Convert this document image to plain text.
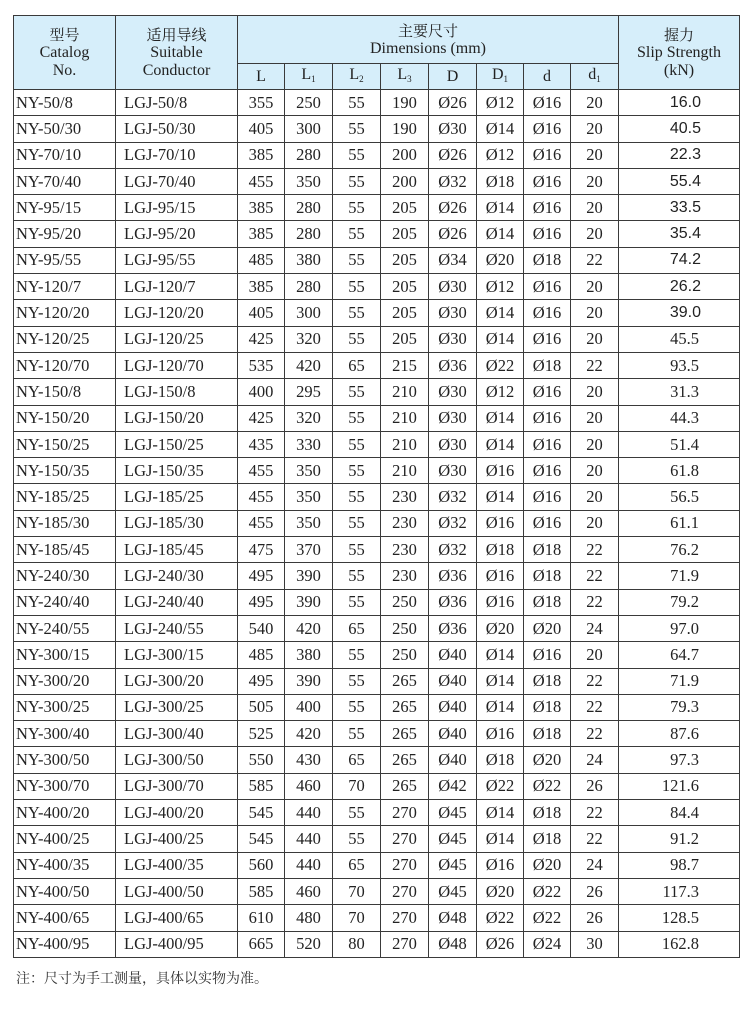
型号
Catalog
No.	适用导线
Suitable
Conductor	主要尺寸
Dimensions (mm)								握力
Slip Strength
(kN)

		L	$L_1$	$L_2$	$L_3$	D	$D_1$	d	$d_1$
NY-50/8	LGJ-50/8	355	250	55	190	Ø26	Ø12	Ø16	20	16.0
NY-50/30	LGJ-50/30	405	300	55	190	Ø30	Ø14	Ø16	20	40.5
NY-70/10	LGJ-70/10	385	280	55	200	Ø26	Ø12	Ø16	20	22.3
NY-70/40	LGJ-70/40	455	350	55	200	Ø32	Ø18	Ø16	20	55.4
NY-95/15	LGJ-95/15	385	280	55	205	Ø26	Ø14	Ø16	20	33.5
NY-95/20	LGJ-95/20	385	280	55	205	Ø26	Ø14	Ø16	20	35.4
NY-95/55	LGJ-95/55	485	380	55	205	Ø34	Ø20	Ø18	22	74.2
NY-120/7	LGJ-120/7	385	280	55	205	Ø30	Ø12	Ø16	20	26.2
NY-120/20	LGJ-120/20	405	300	55	205	Ø30	Ø14	Ø16	20	39.0
NY-120/25	LGJ-120/25	425	320	55	205	Ø30	Ø14	Ø16	20	45.5
NY-120/70	LGJ-120/70	535	420	65	215	Ø36	Ø22	Ø18	22	93.5
NY-150/8	LGJ-150/8	400	295	55	210	Ø30	Ø12	Ø16	20	31.3
NY-150/20	LGJ-150/20	425	320	55	210	Ø30	Ø14	Ø16	20	44.3
NY-150/25	LGJ-150/25	435	330	55	210	Ø30	Ø14	Ø16	20	51.4
NY-150/35	LGJ-150/35	455	350	55	210	Ø30	Ø16	Ø16	20	61.8
NY-185/25	LGJ-185/25	455	350	55	230	Ø32	Ø14	Ø16	20	56.5
NY-185/30	LGJ-185/30	455	350	55	230	Ø32	Ø16	Ø16	20	61.1
NY-185/45	LGJ-185/45	475	370	55	230	Ø32	Ø18	Ø18	22	76.2
NY-240/30	LGJ-240/30	495	390	55	230	Ø36	Ø16	Ø18	22	71.9
NY-240/40	LGJ-240/40	495	390	55	250	Ø36	Ø16	Ø18	22	79.2
NY-240/55	LGJ-240/55	540	420	65	250	Ø36	Ø20	Ø20	24	97.0
NY-300/15	LGJ-300/15	485	380	55	250	Ø40	Ø14	Ø16	20	64.7
NY-300/20	LGJ-300/20	495	390	55	265	Ø40	Ø14	Ø18	22	71.9
NY-300/25	LGJ-300/25	505	400	55	265	Ø40	Ø14	Ø18	22	79.3
NY-300/40	LGJ-300/40	525	420	55	265	Ø40	Ø16	Ø18	22	87.6
NY-300/50	LGJ-300/50	550	430	65	265	Ø40	Ø18	Ø20	24	97.3
NY-300/70	LGJ-300/70	585	460	70	265	Ø42	Ø22	Ø22	26	121.6
NY-400/20	LGJ-400/20	545	440	55	270	Ø45	Ø14	Ø18	22	84.4
NY-400/25	LGJ-400/25	545	440	55	270	Ø45	Ø14	Ø18	22	91.2
NY-400/35	LGJ-400/35	560	440	65	270	Ø45	Ø16	Ø20	24	98.7
NY-400/50	LGJ-400/50	585	460	70	270	Ø45	Ø20	Ø22	26	117.3
NY-400/65	LGJ-400/65	610	480	70	270	Ø48	Ø22	Ø22	26	128.5
NY-400/95	LGJ-400/95	665	520	80	270	Ø48	Ø26	Ø24	30	162.8
注：尺寸为手工测量，具体以实物为准。
